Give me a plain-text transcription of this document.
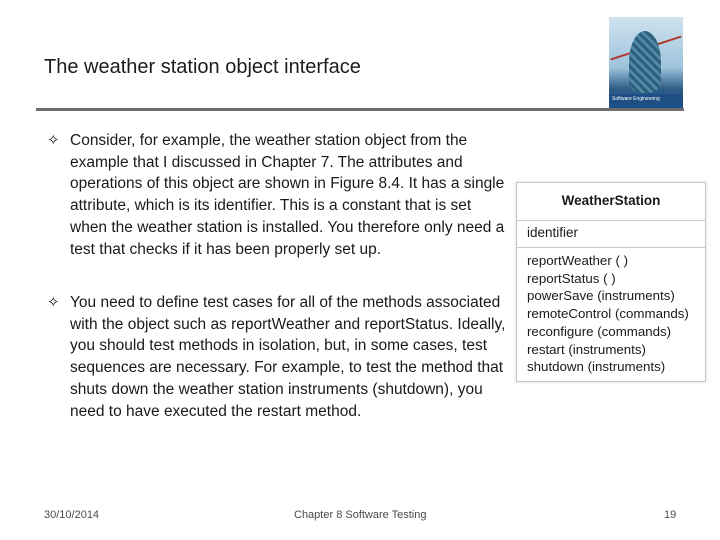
The weather station object interface
Software Engineering
✧ Consider, for example, the weather station object from the example that I discussed in Chapter 7. The attributes and operations of this object are shown in Figure 8.4. It has a single attribute, which is its identifier. This is a constant that is set when the weather station is installed. You therefore only need a test that checks if it has been properly set up.
✧ You need to define test cases for all of the methods associated with the object such as reportWeather and reportStatus. Ideally, you should test methods in isolation, but, in some cases, test sequences are necessary. For example, to test the method that shuts down the weather station instruments (shutdown), you need to have executed the restart method.
WeatherStation
identifier
reportWeather ( )
reportStatus ( )
powerSave (instruments)
remoteControl (commands)
reconfigure (commands)
restart (instruments)
shutdown (instruments)
30/10/2014	Chapter 8 Software Testing	19
